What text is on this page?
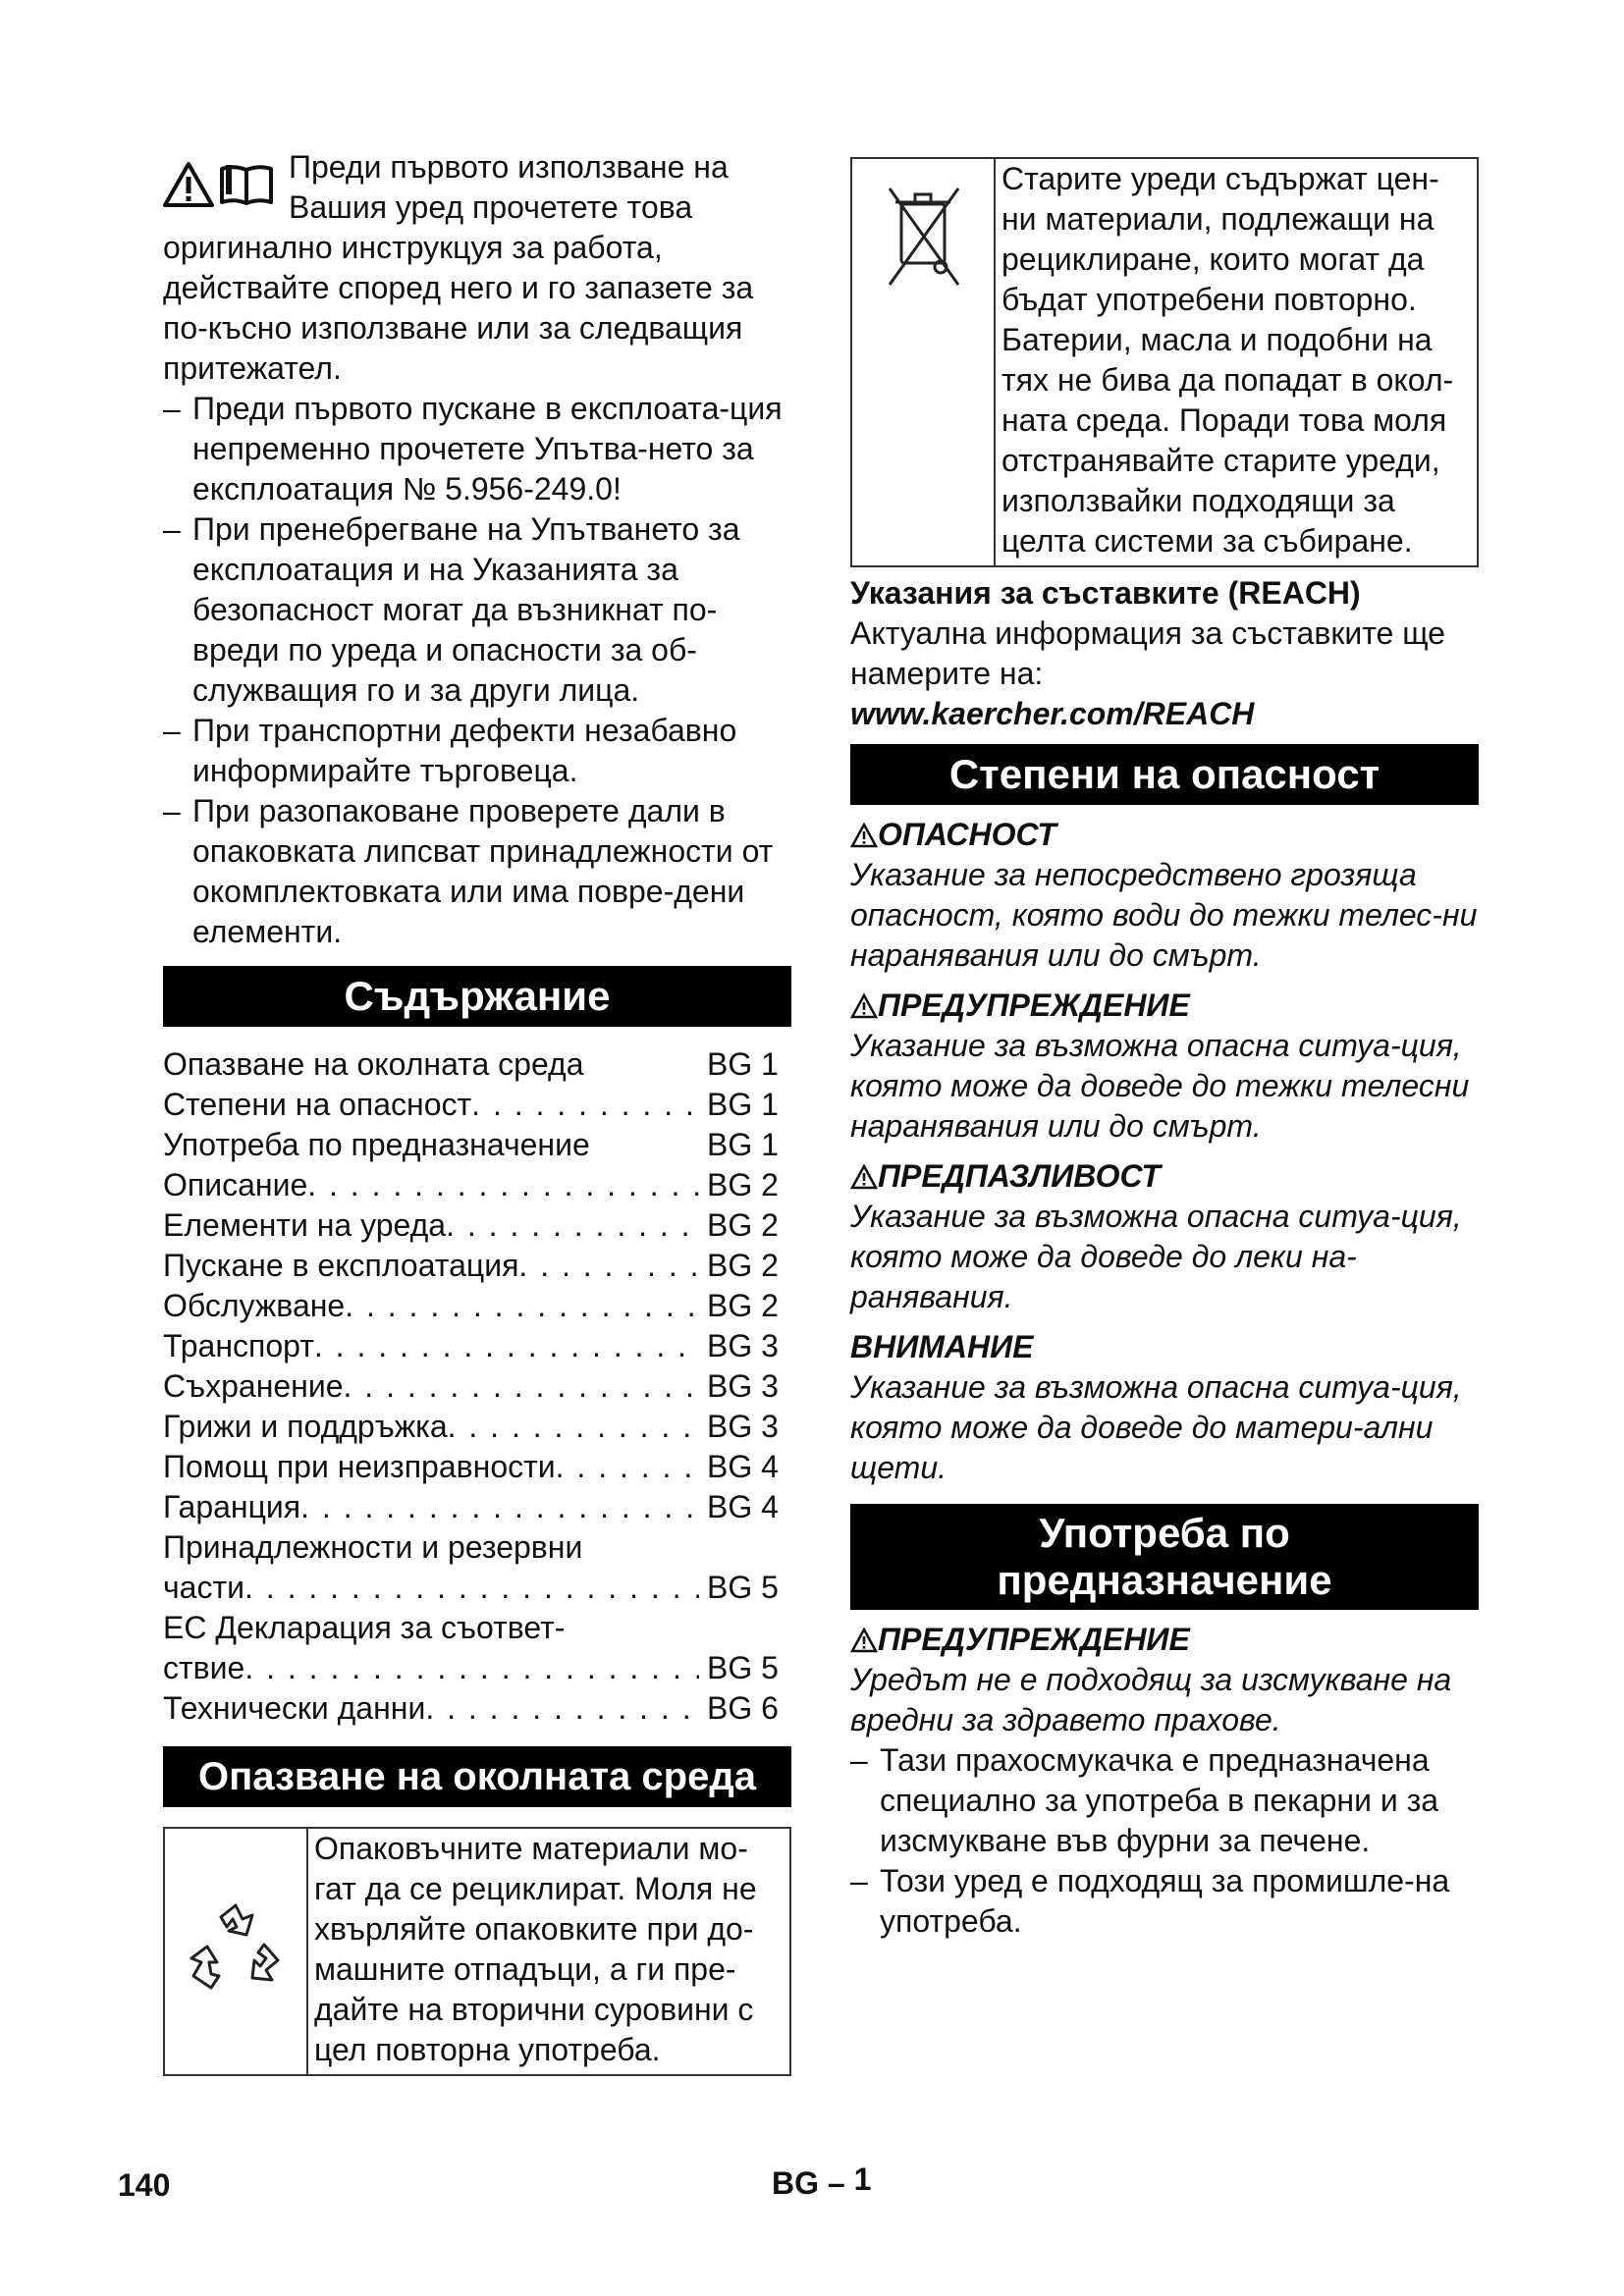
Преди първото използване на

Вашия уред прочетете това

оригинално инструкцуя за работа, действайте според него и го запазете за по-късно използване или за следващия притежател.

– Преди първото пускане в експлоата-ция непременно прочетете Упътва-нето за експлоатация № 5.956-249.0!
– При пренебрегване на Упътването за експлоатация и на Указанията за безопасност могат да възникнат по-вреди по уреда и опасности за об-служващия го и за други лица.
– При транспортни дефекти незабавно информирайте търговеца.
– При разопаковане проверете дали в опаковката липсват принадлежности от окомплектовката или има повре-дени елементи.
Съдържание
Опазване на околната среда	BG 1
Степени на опасност . . .	BG 1
Употреба по предназначение	BG 1
Описание . . .	BG 2
Елементи на уреда . . .	BG 2
Пускане в експлоатация . . .	BG 2
Обслужване . . .	BG 2
Транспорт . . .	BG 3
Съхранение . . .	BG 3
Грижи и поддръжка . . .	BG 3
Помощ при неизправности . . .	BG 4
Гаранция . . .	BG 4
Принадлежности и резервни
части . . .	BG 5
ЕС Декларация за съответ-
ствие . . .	BG 5
Технически данни . . .	BG 6
Опазване на околната среда
Опаковъчните материали мо-гат да се рециклират. Моля не хвърляйте опаковките при до-машните отпадъци, а ги пре-дайте на вторични суровини с цел повторна употреба.
Старите уреди съдържат цен-ни материали, подлежащи на рециклиране, които могат да бъдат употребени повторно. Батерии, масла и подобни на тях не бива да попадат в окол-ната среда. Поради това моля отстранявайте старите уреди, използвайки подходящи за целта системи за събиране.

Указания за съставките (REACH)

Актуална информация за съставките ще намерите на:

www.kaercher.com/REACH

Степени на опасност
ОПАСНОСТ

Указание за непосредствено грозяща опасност, която води до тежки телес-ни наранявания или до смърт.

ПРЕДУПРЕЖДЕНИЕ

Указание за възможна опасна ситуа-ция, която може да доведе до тежки телесни наранявания или до смърт.

ПРЕДПАЗЛИВОСТ

Указание за възможна опасна ситуа-ция, която може да доведе до леки на-ранявания.

ВНИМАНИЕ

Указание за възможна опасна ситуа-ция, която може да доведе до матери-ални щети.

Употреба по
предназначение
ПРЕДУПРЕЖДЕНИЕ

Уредът не е подходящ за изсмукване на вредни за здравето прахове.

– Тази прахосмукачка е предназначена специално за употреба в пекарни и за изсмукване във фурни за печене.
– Този уред е подходящ за промишле-на употреба.
140	BG – 1
